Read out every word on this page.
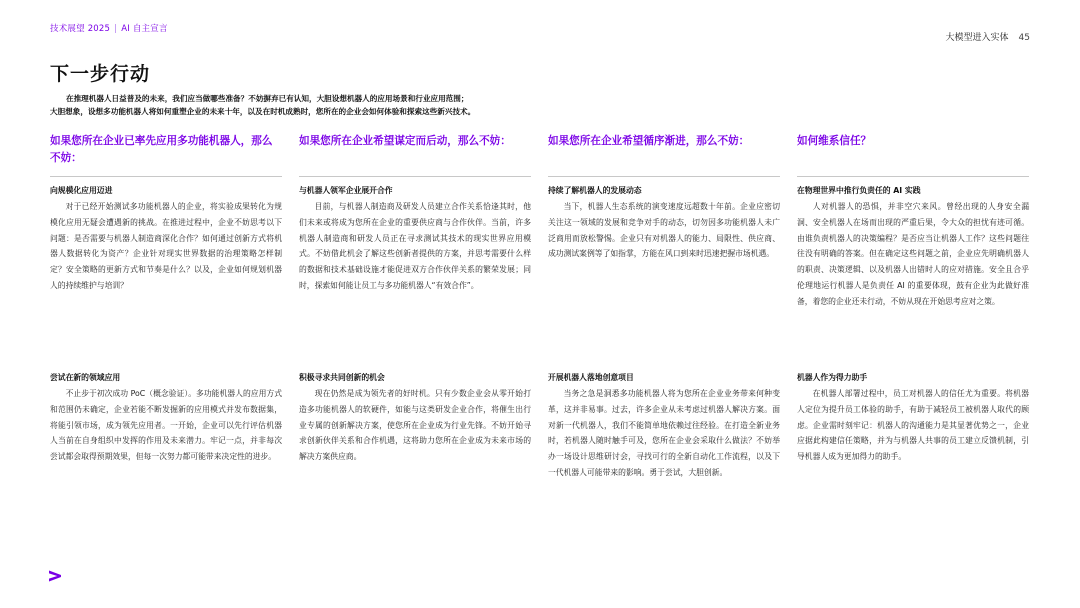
技术展望 2025 | AI 自主宣言
大模型进入实体 45
下一步行动
在推理机器人日益普及的未来，我们应当做哪些准备？不妨摒弃已有认知，大胆设想机器人的应用场景和行业应用范围；
大胆想象，设想多功能机器人将如何重塑企业的未来十年，以及在时机成熟时，您所在的企业会如何体验和探索这些新兴技术。
如果您所在企业已率先应用多功能机器人，那么不妨：
向规模化应用迈进
对于已经开始测试多功能机器人的企业，将实验成果转化为规模化应用无疑会遭遇新的挑战。在推进过程中，企业不妨思考以下问题：是否需要与机器人制造商深化合作？如何通过创新方式将机器人数据转化为资产？企业针对现实世界数据的治理策略怎样制定？安全策略的更新方式和节奏是什么？以及，企业如何规划机器人的持续维护与培训？
尝试在新的领域应用
不止步于初次成功 PoC（概念验证）。多功能机器人的应用方式和范围仍未确定，企业若能不断发掘新的应用模式并发布数据集，将能引领市场，成为领先应用者。一开始，企业可以先行评估机器人当前在自身组织中发挥的作用及未来潜力。牢记一点，并非每次尝试都会取得预期效果，但每一次努力都可能带来决定性的进步。
如果您所在企业希望谋定而后动，那么不妨：
与机器人领军企业展开合作
目前，与机器人制造商及研发人员建立合作关系恰逢其时，他们未来或将成为您所在企业的重要供应商与合作伙伴。当前，许多机器人制造商和研发人员正在寻求测试其技术的现实世界应用模式。不妨借此机会了解这些创新者提供的方案，并思考需要什么样的数据和技术基础设施才能促进双方合作伙伴关系的繁荣发展；同时，探索如何能让员工与多功能机器人“有效合作”。
积极寻求共同创新的机会
现在仍然是成为领先者的好时机。只有少数企业会从零开始打造多功能机器人的软硬件，如能与这类研发企业合作，将催生出行业专属的创新解决方案，使您所在企业成为行业先锋。不妨开始寻求创新伙伴关系和合作机遇，这将助力您所在企业成为未来市场的解决方案供应商。
如果您所在企业希望循序渐进，那么不妨：
持续了解机器人的发展动态
当下，机器人生态系统的演变速度远超数十年前。企业应密切关注这一领域的发展和竞争对手的动态，切勿因多功能机器人未广泛商用而放松警惕。企业只有对机器人的能力、局限性、供应商、成功测试案例等了如指掌，方能在风口到来时迅速把握市场机遇。
开展机器人落地创意项目
当务之急是洞悉多功能机器人将为您所在企业业务带来何种变革，这并非易事。过去，许多企业从未考虑过机器人解决方案。面对新一代机器人，我们不能简单地依赖过往经验。在打造全新业务时，若机器人随时触手可及，您所在企业会采取什么做法？不妨举办一场设计思维研讨会，寻找可行的全新自动化工作流程，以及下一代机器人可能带来的影响。勇于尝试，大胆创新。
如何维系信任？
在物理世界中推行负责任的 AI 实践
人对机器人的恐惧，并非空穴来风。曾经出现的人身安全漏洞、安全机器人在场而出现的严重后果，令大众的担忧有迹可循。由谁负责机器人的决策编程？是否应当让机器人工作？这些问题往往没有明确的答案。但在确定这些问题之前，企业应先明确机器人的职责、决策逻辑、以及机器人出错时人的应对措施。安全且合乎伦理地运行机器人是负责任 AI 的重要体现，鼓有企业为此做好准备，着您的企业还未行动，不妨从现在开始思考应对之策。
机器人作为得力助手
在机器人部署过程中，员工对机器人的信任尤为重要。将机器人定位为提升员工体验的助手，有助于减轻员工被机器人取代的顾虑。企业需时刻牢记：机器人的沟通能力是其显著优势之一，企业应据此构建信任策略，并为与机器人共事的员工建立反馈机制，引导机器人成为更加得力的助手。
